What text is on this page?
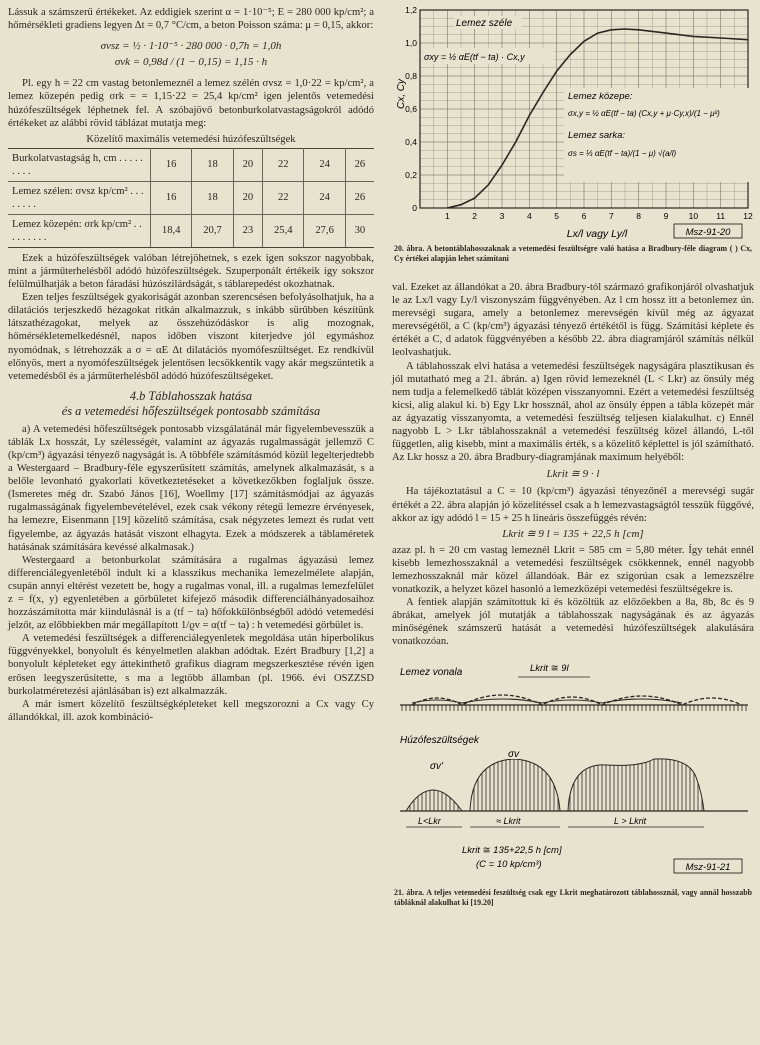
Lássuk a számszerű értékeket. Az eddigiek szerint α = 1·10⁻⁵; E = 280 000 kp/cm²; a hőmérsékleti gradiens legyen Δt = 0,7 °C/cm, a beton Poisson száma: μ = 0,15, akkor:

σvsz = ½ · 1·10⁻⁵ · 280 000 · 0,7h = 1,0h

σvk = 0,98d / (1 − 0,15) = 1,15 · h

Pl. egy h = 22 cm vastag betonlemeznél a lemez szélén σvsz = 1,0·22 = kp/cm², a lemez közepén pedig σrk = = 1,15·22 = 25,4 kp/cm² igen jelentős vetemedési húzófeszültségek léphetnek fel. A szóbajövő betonburkolatvastagságokról adódó értékeket az alábbi rövid táblázat mutatja meg:

Közelítő maximális vetemedési húzófeszültségek

Burkolatvastagság h, cm . . . . . . . . .	16	18	20	22	24	26
Lemez szélen: σvsz kp/cm² . . . . . . . .	16	18	20	22	24	26
Lemez közepén: σrk kp/cm² . . . . . . . . .	18,4	20,7	23	25,4	27,6	30

Ezek a húzófeszültségek valóban létrejöhetnek, s ezek igen sokszor nagyobbak, mint a járműterhelésből adódó húzófeszültségek. Szuperponált értékeik így sokszor felülmúlhatják a beton fáradási húzószilárdságát, s táblarepedést okozhatnak.

Ezen teljes feszültségek gyakoriságát azonban szerencsésen befolyásolhatjuk, ha a dilatációs terjeszkedő hézagokat ritkán alkalmazzuk, s inkább sűrűbben készítünk látszathézagokat, melyek az összehúzódáskor is alig mozognak, hőmérsékletemelkedésnél, napos időben viszont kiterjedve jól egymáshoz nyomódnak, s létrehozzák a σ = αE Δt dilatációs nyomófeszültséget. Ez rendkívül előnyös, mert a nyomófeszültségek jelentősen lecsökkentik vagy akár megszüntetik a vetemedésből és a járműterhelésből adódó húzófeszültségeket.

4.b Táblahosszak hatása

és a vetemedési hőfeszültségek pontosabb számítása

a) A vetemedési hőfeszültségek pontosabb vizsgálatánál már figyelembevesszük a táblák Lx hosszát, Ly szélességét, valamint az ágyazás rugalmasságát jellemző C (kp/cm³) ágyazási tényező nagyságát is. A többféle számításmód közül legelterjedtebb a Westergaard – Bradbury-féle egyszerűsített számítás, amelynek alkalmazását, s a belőle levonható gyakorlati következtetéseket a következőkben foglaljuk össze. (Ismeretes még dr. Szabó János [16], Woellmy [17] számításmódjai az ágyazás rugalmasságának figyelembevételével, ezek csak vékony rétegű lemezre érvényesek, ha lemezre, Eisenmann [19] közelítő számítása, csak négyzetes lemezt és rudat vett figyelembe, az ágyazás hatását viszont elhagyta. Ezek a módszerek a táblaméretek hatásának számítására kevéssé alkalmasak.)

Westergaard a betonburkolat számítására a rugalmas ágyazású lemez differenciálegyenletéből indult ki a klasszikus mechanika lemezelmélete alapján, csupán annyi eltérést vezetett be, hogy a rugalmas vonal, ill. a rugalmas lemezfelület z = f(x, y) egyenletében a görbületet kifejező második differenciálhányadosaihoz hozzászámította már kiindulásnál is a (tf − ta) hőfokkülönbségből adódó vetemedési jelzőt, az előbbiekben már megállapított 1/ϱv = α(tf − ta) : h vetemedési görbület is.

A vetemedési feszültségek a differenciálegyenletek megoldása után hiperbolikus függvényekkel, bonyolult és kényelmetlen alakban adódtak. Ezért Bradbury [1,2] a bonyolult képleteket egy áttekinthető grafikus diagram megszerkesztése révén igen erősen leegyszerűsítette, s ma a legtöbb államban (pl. 1966. évi OSZZSD burkolatméretezési ajánlásában is) ezt alkalmazzák.

A már ismert közelítő feszültségképleteket kell megszorozni a Cx vagy Cy állandókkal, ill. azok kombináció-

0
0,2
0,4
0,6
0,8
1,0
1,2
1	2	3	4	5	6	7	8	9 10 11 12
Cx, Cy
Lx/l vagy Ly/l
Lemez széle
σxy = ½ αE(tf − ta) · Cx,y
Lemez közepe:
σx,y = ½ αE(tf − ta) (Cx,y + μ·Cy,x)/(1 − μ²)
Lemez sarka:
σs = ⅓ αE(tf − ta)/(1 − μ) √(a/l)
Msz-91-20

20. ábra. A betontáblahosszaknak a vetemedési feszültségre való hatása a Bradbury-féle diagram ( ) Cx, Cy értékei alapján lehet számítani

val. Ezeket az állandókat a 20. ábra Bradbury-tól származó grafikonjáról olvashatjuk le az Lx/l vagy Ly/l viszonyszám függvényében. Az l cm hossz itt a betonlemez ún. merevségi sugara, amely a betonlemez merevségén kívül még az ágyazat merevségétől, a C (kp/cm³) ágyazási tényező értékétől is függ. Számítási képlete és értékét a C, d adatok függvényében a később 22. ábra diagramjáról számítás nélkül leolvashatjuk.

A táblahosszak elvi hatása a vetemedési feszültségek nagyságára plasztikusan és jól mutatható meg a 21. ábrán. a) Igen rövid lemezeknél (L < Lkr) az önsúly még nem tudja a felemelkedő táblát középen visszanyomni. Ezért a vetemedési feszültség kicsi, alig alakul ki. b) Egy Lkr hossznál, ahol az önsúly éppen a tábla közepét már az ágyazatig visszanyomta, a vetemedési feszültség teljesen kialakulhat. c) Ennél nagyobb L > Lkr táblahosszaknál a vetemedési feszültség közel állandó, L-től független, alig kisebb, mint a maximális érték, s a közelítő képlettel is jól számítható. Az Lkr hossz a 20. ábra Bradbury-diagramjának maximum helyéből:

Lkrit ≅ 9 · l

Ha tájékoztatásul a C = 10 (kp/cm³) ágyazási tényezőnél a merevségi sugár értékét a 22. ábra alapján jó közelítéssel csak a h lemezvastagságtól tesszük függővé, akkor az így adódó l = 15 + 25 h lineáris összefüggés révén:

Lkrit ≅ 9 l = 135 + 22,5 h [cm]

azaz pl. h = 20 cm vastag lemeznél Lkrit = 585 cm = 5,80 méter. Így tehát ennél kisebb lemezhosszaknál a vetemedési feszültségek csökkennek, ennél nagyobb lemezhosszaknál már közel állandóak. Bár ez szigorúan csak a lemezszélre vonatkozik, a helyzet közel hasonló a lemezközépi vetemedési feszültségekre is.

A fentiek alapján számítottuk ki és közöltük az előzőekben a 8a, 8b, 8c és 9 ábrákat, amelyek jól mutatják a táblahosszak nagyságának és az ágyazás minőségének számszerű hatását a vetemedési húzófeszültségek alakulására vonatkozóan.

Lemez vonala	Lkrit ≅ 9l
Húzófeszültségek
σv'
σv
L<Lkr	≈ Lkrit	L > Lkrit
Lkrit ≅ 135+22,5 h [cm]
(C = 10 kp/cm³)	Msz-91-21

21. ábra. A teljes vetemedési feszültség csak egy Lkrit meghatározott táblahossznál, vagy annál hosszabb tábláknál alakulhat ki [19.20]
